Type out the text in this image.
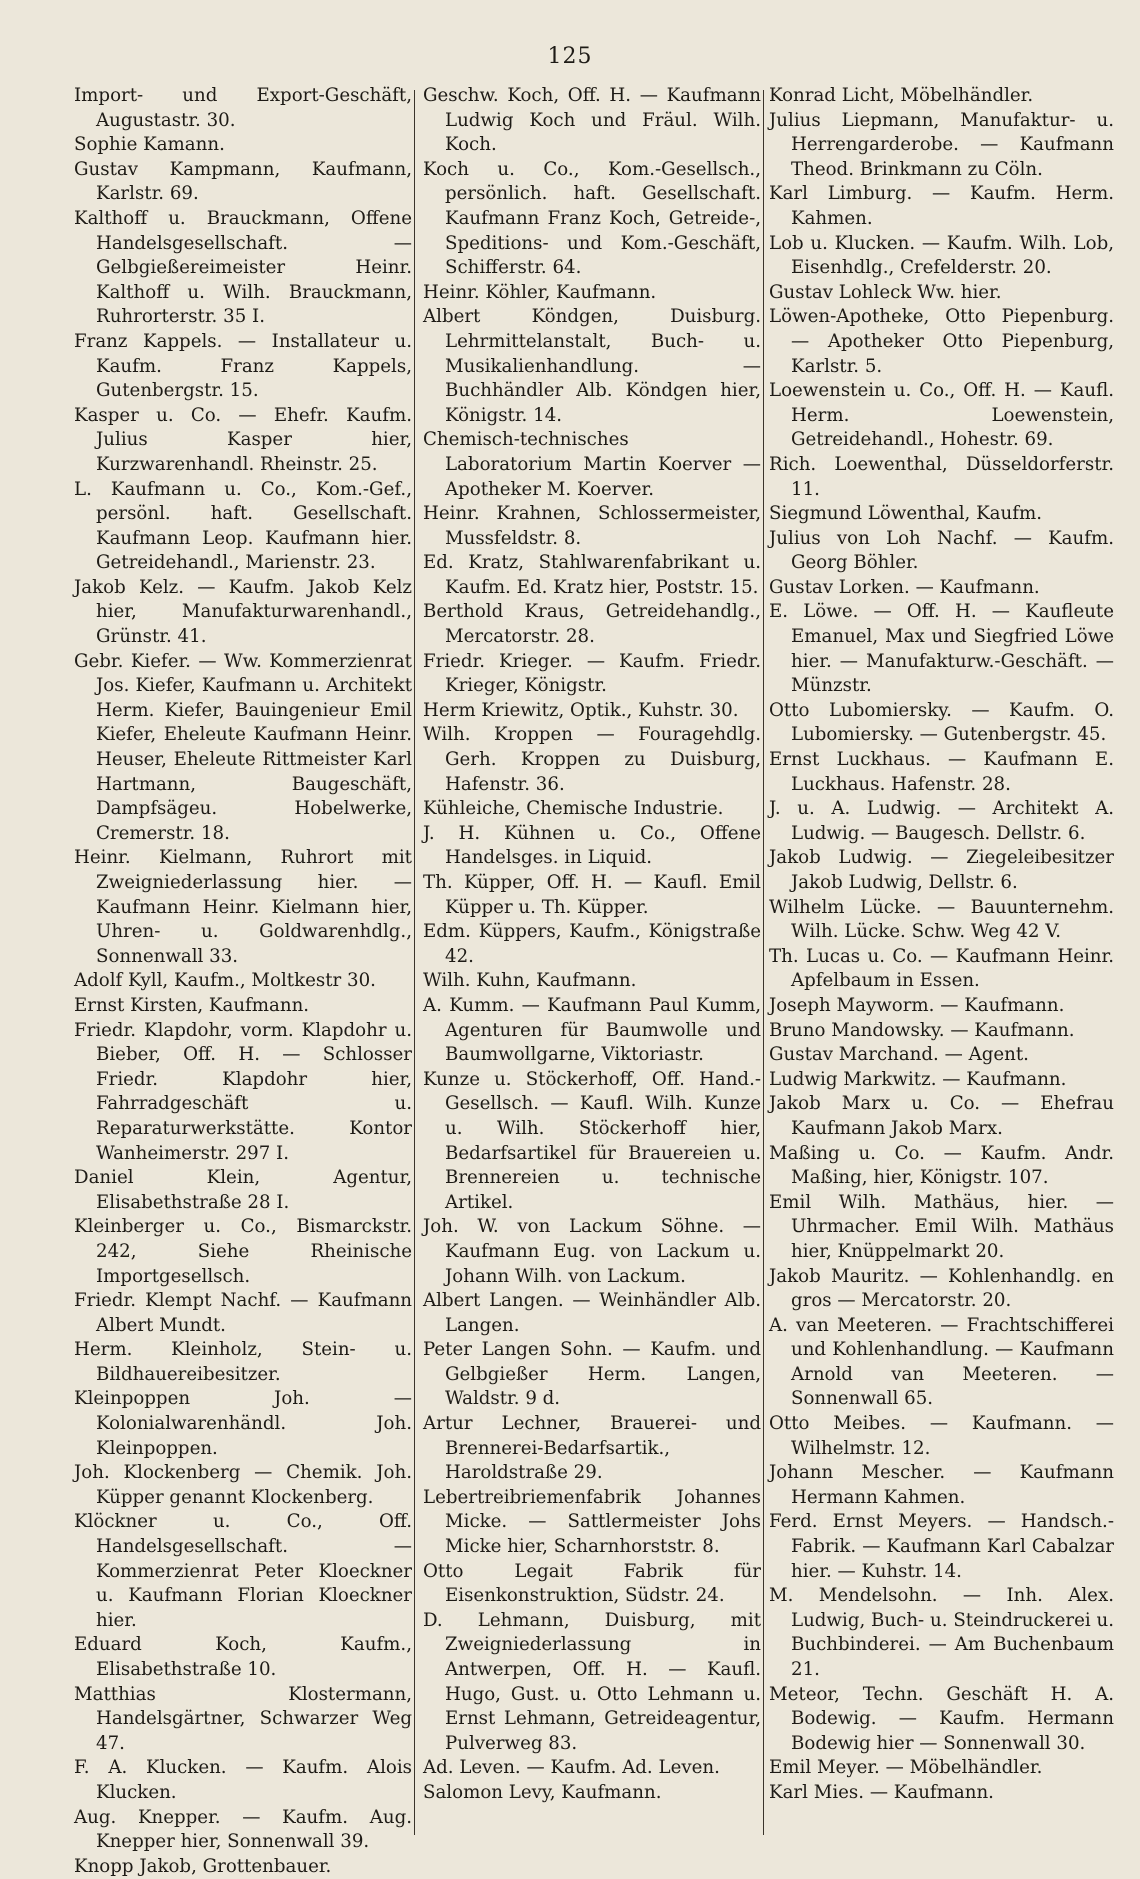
125
Import- und Export-Geschäft, Augustastr. 30.
Sophie Kamann.
Gustav Kampmann, Kaufmann, Karlstr. 69.
Kalthoff u. Brauckmann, Offene Handelsgesellschaft. — Gelbgießereimeister Heinr. Kalthoff u. Wilh. Brauckmann, Ruhrorterstr. 35 I.
Franz Kappels. — Installateur u. Kaufm. Franz Kappels, Gutenbergstr. 15.
Kasper u. Co. — Ehefr. Kaufm. Julius Kasper hier, Kurzwarenhandl. Rheinstr. 25.
L. Kaufmann u. Co., Kom.-Gef., persönl. haft. Gesellschaft. Kaufmann Leop. Kaufmann hier. Getreidehandl., Marienstr. 23.
Jakob Kelz. — Kaufm. Jakob Kelz hier, Manufakturwarenhandl., Grünstr. 41.
Gebr. Kiefer. — Ww. Kommerzienrat Jos. Kiefer, Kaufmann u. Architekt Herm. Kiefer, Bauingenieur Emil Kiefer, Eheleute Kaufmann Heinr. Heuser, Eheleute Rittmeister Karl Hartmann, Baugeschäft, Dampfsägeu. Hobelwerke, Cremerstr. 18.
Heinr. Kielmann, Ruhrort mit Zweigniederlassung hier. — Kaufmann Heinr. Kielmann hier, Uhren- u. Goldwarenhdlg., Sonnenwall 33.
Adolf Kyll, Kaufm., Moltkestr 30.
Ernst Kirsten, Kaufmann.
Friedr. Klapdohr, vorm. Klapdohr u. Bieber, Off. H. — Schlosser Friedr. Klapdohr hier, Fahrradgeschäft u. Reparaturwerkstätte. Kontor Wanheimerstr. 297 I.
Daniel Klein, Agentur, Elisabethstraße 28 I.
Kleinberger u. Co., Bismarckstr. 242, Siehe Rheinische Importgesellsch.
Friedr. Klempt Nachf. — Kaufmann Albert Mundt.
Herm. Kleinholz, Stein- u. Bildhauereibesitzer.
Kleinpoppen Joh. — Kolonialwarenhändl. Joh. Kleinpoppen.
Joh. Klockenberg — Chemik. Joh. Küpper genannt Klockenberg.
Klöckner u. Co., Off. Handelsgesellschaft. — Kommerzienrat Peter Kloeckner u. Kaufmann Florian Kloeckner hier.
Eduard Koch, Kaufm., Elisabethstraße 10.
Matthias Klostermann, Handelsgärtner, Schwarzer Weg 47.
F. A. Klucken. — Kaufm. Alois Klucken.
Aug. Knepper. — Kaufm. Aug. Knepper hier, Sonnenwall 39.
Knopp Jakob, Grottenbauer.
Geschw. Koch, Off. H. — Kaufmann Ludwig Koch und Fräul. Wilh. Koch.
Koch u. Co., Kom.-Gesellsch., persönlich. haft. Gesellschaft. Kaufmann Franz Koch, Getreide-, Speditions- und Kom.-Geschäft, Schifferstr. 64.
Heinr. Köhler, Kaufmann.
Albert Köndgen, Duisburg. Lehrmittelanstalt, Buch- u. Musikalienhandlung. — Buchhändler Alb. Köndgen hier, Königstr. 14.
Chemisch-technisches Laboratorium Martin Koerver — Apotheker M. Koerver.
Heinr. Krahnen, Schlossermeister, Mussfeldstr. 8.
Ed. Kratz, Stahlwarenfabrikant u. Kaufm. Ed. Kratz hier, Poststr. 15.
Berthold Kraus, Getreidehandlg., Mercatorstr. 28.
Friedr. Krieger. — Kaufm. Friedr. Krieger, Königstr.
Herm Kriewitz, Optik., Kuhstr. 30.
Wilh. Kroppen — Fouragehdlg. Gerh. Kroppen zu Duisburg, Hafenstr. 36.
Kühleiche, Chemische Industrie.
J. H. Kühnen u. Co., Offene Handelsges. in Liquid.
Th. Küpper, Off. H. — Kaufl. Emil Küpper u. Th. Küpper.
Edm. Küppers, Kaufm., Königstraße 42.
Wilh. Kuhn, Kaufmann.
A. Kumm. — Kaufmann Paul Kumm, Agenturen für Baumwolle und Baumwollgarne, Viktoriastr.
Kunze u. Stöckerhoff, Off. Hand.-Gesellsch. — Kaufl. Wilh. Kunze u. Wilh. Stöckerhoff hier, Bedarfsartikel für Brauereien u. Brennereien u. technische Artikel.
Joh. W. von Lackum Söhne. — Kaufmann Eug. von Lackum u. Johann Wilh. von Lackum.
Albert Langen. — Weinhändler Alb. Langen.
Peter Langen Sohn. — Kaufm. und Gelbgießer Herm. Langen, Waldstr. 9 d.
Artur Lechner, Brauerei- und Brennerei-Bedarfsartik., Haroldstraße 29.
Lebertreibriemenfabrik Johannes Micke. — Sattlermeister Johs Micke hier, Scharnhorststr. 8.
Otto Legait Fabrik für Eisenkonstruktion, Südstr. 24.
D. Lehmann, Duisburg, mit Zweigniederlassung in Antwerpen, Off. H. — Kaufl. Hugo, Gust. u. Otto Lehmann u. Ernst Lehmann, Getreideagentur, Pulverweg 83.
Ad. Leven. — Kaufm. Ad. Leven.
Salomon Levy, Kaufmann.
Konrad Licht, Möbelhändler.
Julius Liepmann, Manufaktur- u. Herrengarderobe. — Kaufmann Theod. Brinkmann zu Cöln.
Karl Limburg. — Kaufm. Herm. Kahmen.
Lob u. Klucken. — Kaufm. Wilh. Lob, Eisenhdlg., Crefelderstr. 20.
Gustav Lohleck Ww. hier.
Löwen-Apotheke, Otto Piepenburg. — Apotheker Otto Piepenburg, Karlstr. 5.
Loewenstein u. Co., Off. H. — Kaufl. Herm. Loewenstein, Getreidehandl., Hohestr. 69.
Rich. Loewenthal, Düsseldorferstr. 11.
Siegmund Löwenthal, Kaufm.
Julius von Loh Nachf. — Kaufm. Georg Böhler.
Gustav Lorken. — Kaufmann.
E. Löwe. — Off. H. — Kaufleute Emanuel, Max und Siegfried Löwe hier. — Manufakturw.-Geschäft. — Münzstr.
Otto Lubomiersky. — Kaufm. O. Lubomiersky. — Gutenbergstr. 45.
Ernst Luckhaus. — Kaufmann E. Luckhaus. Hafenstr. 28.
J. u. A. Ludwig. — Architekt A. Ludwig. — Baugesch. Dellstr. 6.
Jakob Ludwig. — Ziegeleibesitzer Jakob Ludwig, Dellstr. 6.
Wilhelm Lücke. — Bauunternehm. Wilh. Lücke. Schw. Weg 42 V.
Th. Lucas u. Co. — Kaufmann Heinr. Apfelbaum in Essen.
Joseph Mayworm. — Kaufmann.
Bruno Mandowsky. — Kaufmann.
Gustav Marchand. — Agent.
Ludwig Markwitz. — Kaufmann.
Jakob Marx u. Co. — Ehefrau Kaufmann Jakob Marx.
Maßing u. Co. — Kaufm. Andr. Maßing, hier, Königstr. 107.
Emil Wilh. Mathäus, hier. — Uhrmacher. Emil Wilh. Mathäus hier, Knüppelmarkt 20.
Jakob Mauritz. — Kohlenhandlg. en gros — Mercatorstr. 20.
A. van Meeteren. — Frachtschifferei und Kohlenhandlung. — Kaufmann Arnold van Meeteren. — Sonnenwall 65.
Otto Meibes. — Kaufmann. — Wilhelmstr. 12.
Johann Mescher. — Kaufmann Hermann Kahmen.
Ferd. Ernst Meyers. — Handsch.-Fabrik. — Kaufmann Karl Cabalzar hier. — Kuhstr. 14.
M. Mendelsohn. — Inh. Alex. Ludwig, Buch- u. Steindruckerei u. Buchbinderei. — Am Buchenbaum 21.
Meteor, Techn. Geschäft H. A. Bodewig. — Kaufm. Hermann Bodewig hier — Sonnenwall 30.
Emil Meyer. — Möbelhändler.
Karl Mies. — Kaufmann.
